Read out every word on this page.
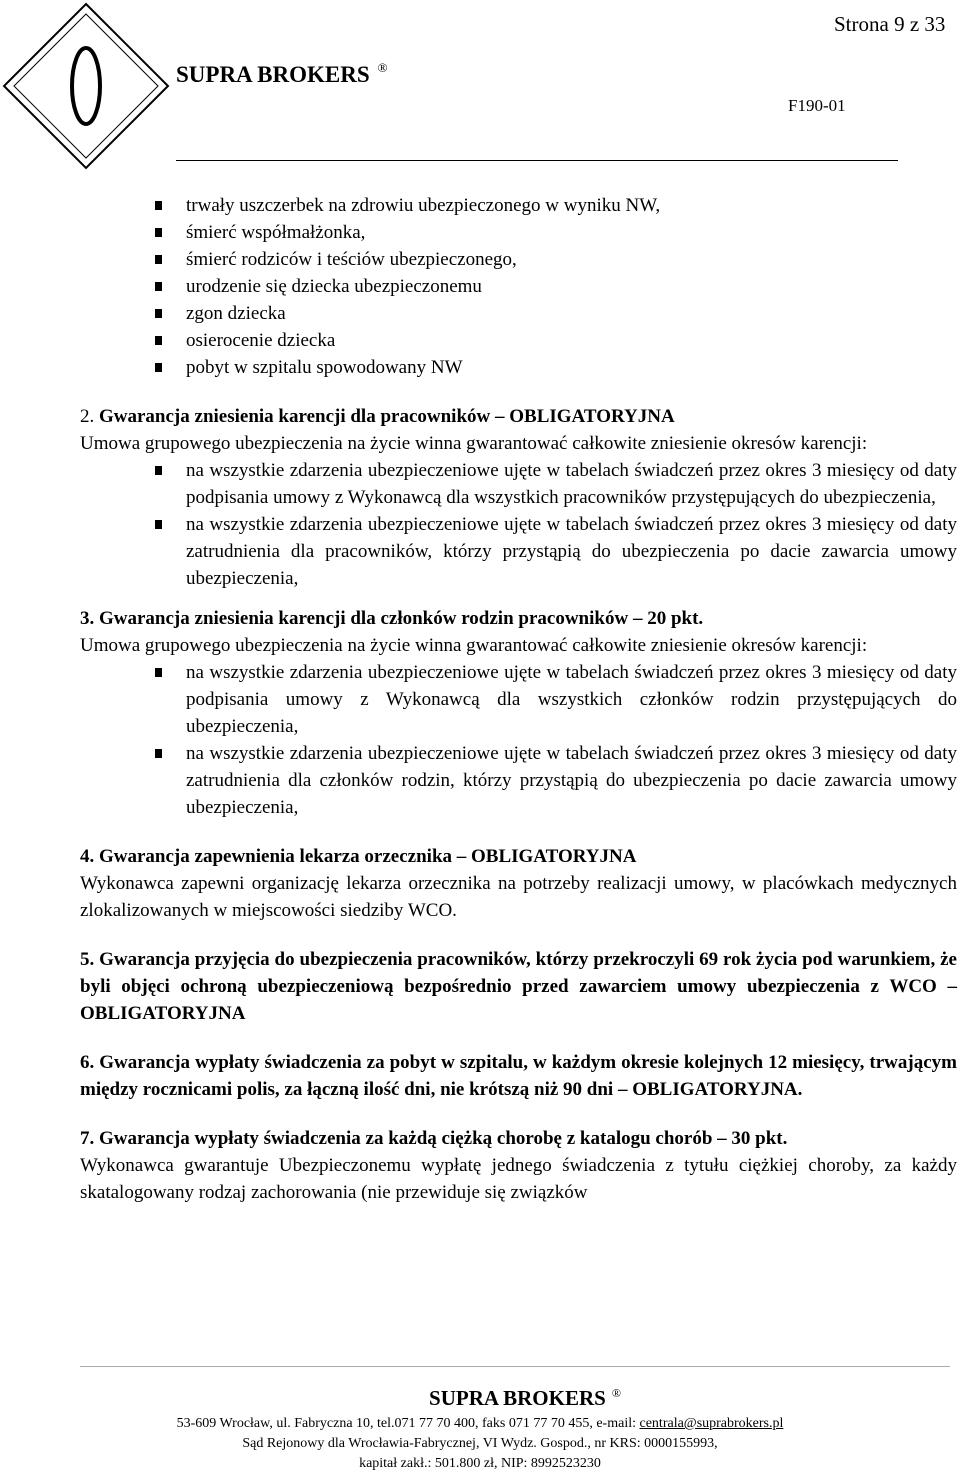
Strona 9 z 33
SUPRA BROKERS ®
F190-01
trwały uszczerbek na zdrowiu ubezpieczonego w wyniku NW,
śmierć współmałżonka,
śmierć rodziców i teściów ubezpieczonego,
urodzenie się dziecka ubezpieczonemu
zgon dziecka
osierocenie dziecka
pobyt w szpitalu spowodowany NW
2. Gwarancja zniesienia karencji dla pracowników – OBLIGATORYJNA
Umowa grupowego ubezpieczenia na życie winna gwarantować całkowite zniesienie okresów karencji:
na wszystkie zdarzenia ubezpieczeniowe ujęte w tabelach świadczeń przez okres 3 miesięcy od daty podpisania umowy z Wykonawcą dla wszystkich pracowników przystępujących do ubezpieczenia,
na wszystkie zdarzenia ubezpieczeniowe ujęte w tabelach świadczeń przez okres 3 miesięcy od daty zatrudnienia dla pracowników, którzy przystąpią do ubezpieczenia po dacie zawarcia umowy ubezpieczenia,
3. Gwarancja zniesienia karencji dla członków rodzin pracowników – 20 pkt.
Umowa grupowego ubezpieczenia na życie winna gwarantować całkowite zniesienie okresów karencji:
na wszystkie zdarzenia ubezpieczeniowe ujęte w tabelach świadczeń przez okres 3 miesięcy od daty podpisania umowy z Wykonawcą dla wszystkich członków rodzin przystępujących do ubezpieczenia,
na wszystkie zdarzenia ubezpieczeniowe ujęte w tabelach świadczeń przez okres 3 miesięcy od daty zatrudnienia dla członków rodzin, którzy przystąpią do ubezpieczenia po dacie zawarcia umowy ubezpieczenia,
4. Gwarancja zapewnienia lekarza orzecznika – OBLIGATORYJNA
Wykonawca zapewni organizację lekarza orzecznika na potrzeby realizacji umowy, w placówkach medycznych zlokalizowanych w miejscowości siedziby WCO.
5. Gwarancja przyjęcia do ubezpieczenia pracowników, którzy przekroczyli 69 rok życia pod warunkiem, że byli objęci ochroną ubezpieczeniową bezpośrednio przed zawarciem umowy ubezpieczenia z WCO – OBLIGATORYJNA
6. Gwarancja wypłaty świadczenia za pobyt w szpitalu, w każdym okresie kolejnych 12 miesięcy, trwającym między rocznicami polis, za łączną ilość dni, nie krótszą niż 90 dni – OBLIGATORYJNA.
7. Gwarancja wypłaty świadczenia za każdą ciężką chorobę z katalogu chorób – 30 pkt.
Wykonawca gwarantuje Ubezpieczonemu wypłatę jednego świadczenia z tytułu ciężkiej choroby, za każdy skatalogowany rodzaj zachorowania (nie przewiduje się związków
SUPRA BROKERS ®
53-609 Wrocław, ul. Fabryczna 10, tel.071 77 70 400, faks 071 77 70 455, e-mail: centrala@suprabrokers.pl
Sąd Rejonowy dla Wrocławia-Fabrycznej, VI Wydz. Gospod., nr KRS: 0000155993,
kapitał zakł.: 501.800 zł, NIP: 8992523230
